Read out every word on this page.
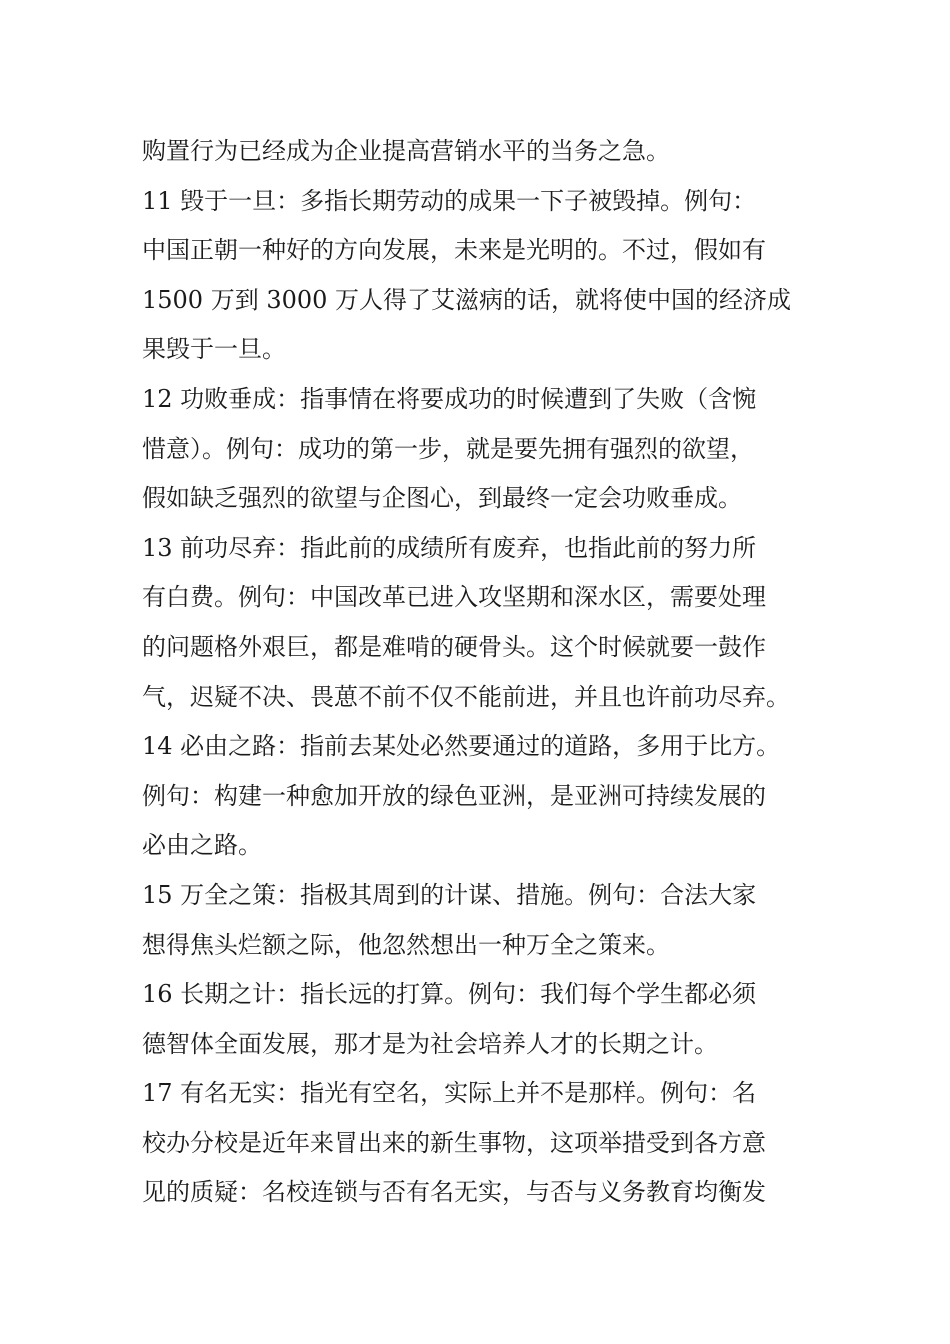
购置行为已经成为企业提高营销水平的当务之急。
11 毁于一旦：多指长期劳动的成果一下子被毁掉。例句：
中国正朝一种好的方向发展，未来是光明的。不过，假如有
1500 万到 3000 万人得了艾滋病的话，就将使中国的经济成
果毁于一旦。
12 功败垂成：指事情在将要成功的时候遭到了失败（含惋
惜意）。例句：成功的第一步，就是要先拥有强烈的欲望，
假如缺乏强烈的欲望与企图心，到最终一定会功败垂成。
13 前功尽弃：指此前的成绩所有废弃，也指此前的努力所
有白费。例句：中国改革已进入攻坚期和深水区，需要处理
的问题格外艰巨，都是难啃的硬骨头。这个时候就要一鼓作
气，迟疑不决、畏葸不前不仅不能前进，并且也许前功尽弃。
14 必由之路：指前去某处必然要通过的道路，多用于比方。
例句：构建一种愈加开放的绿色亚洲，是亚洲可持续发展的
必由之路。
15 万全之策：指极其周到的计谋、措施。例句：合法大家
想得焦头烂额之际，他忽然想出一种万全之策来。
16 长期之计：指长远的打算。例句：我们每个学生都必须
德智体全面发展，那才是为社会培养人才的长期之计。
17 有名无实：指光有空名，实际上并不是那样。例句：名
校办分校是近年来冒出来的新生事物，这项举措受到各方意
见的质疑：名校连锁与否有名无实，与否与义务教育均衡发
